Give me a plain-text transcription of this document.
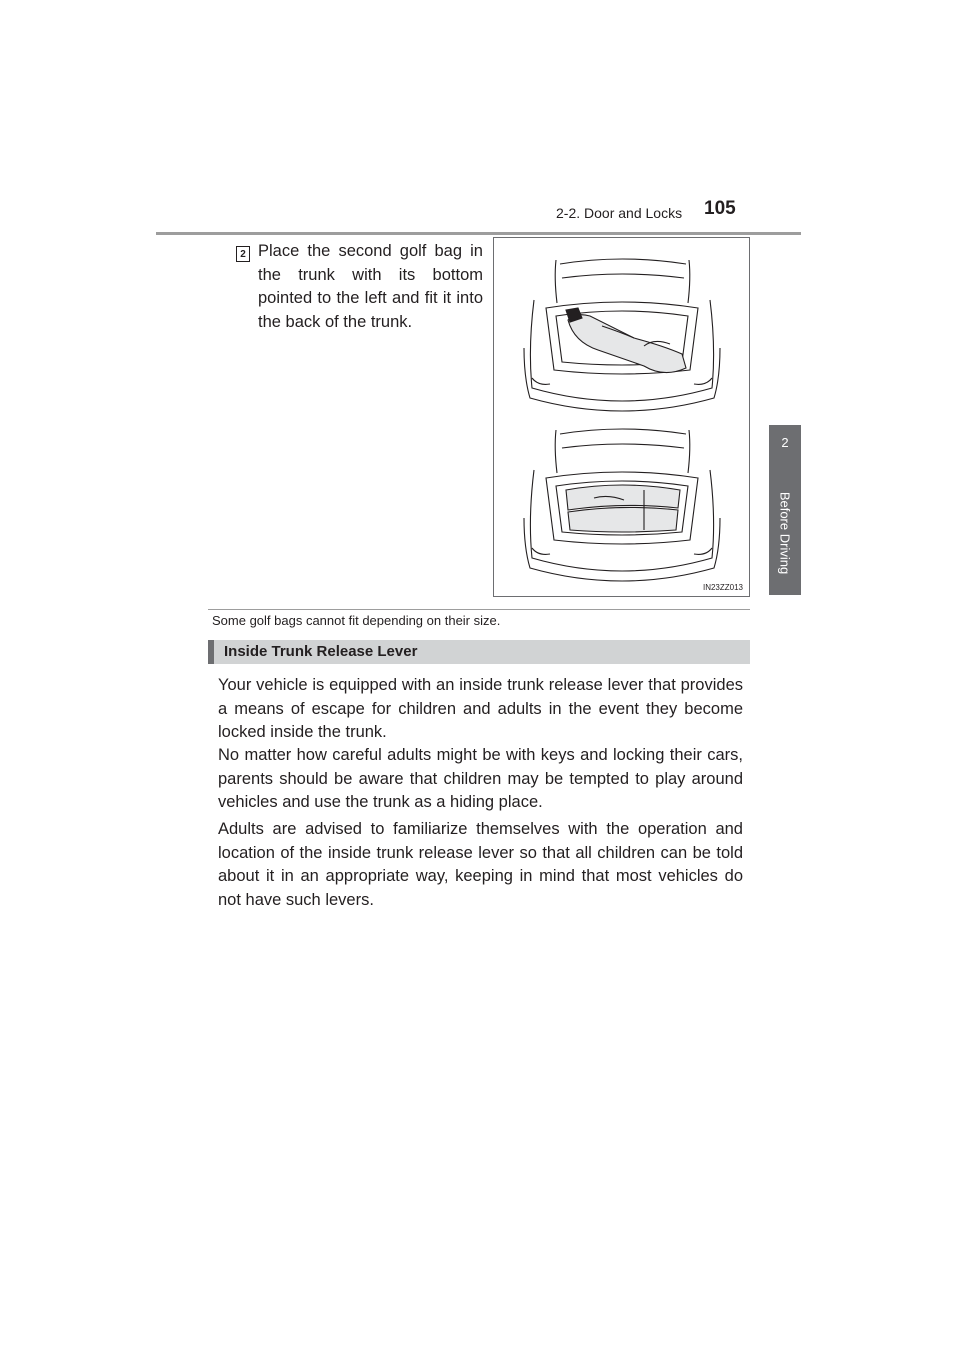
2-2. Door and Locks 105
2
Before Driving
2 Place the second golf bag in the trunk with its bottom pointed to the left and fit it into the back of the trunk.
IN23ZZ013
Some golf bags cannot fit depending on their size.
Inside Trunk Release Lever

Your vehicle is equipped with an inside trunk release lever that provides a means of escape for children and adults in the event they become locked inside the trunk.

No matter how careful adults might be with keys and locking their cars, parents should be aware that children may be tempted to play around vehicles and use the trunk as a hiding place.

Adults are advised to familiarize themselves with the operation and location of the inside trunk release lever so that all children can be told about it in an appropriate way, keeping in mind that most vehicles do not have such levers.
